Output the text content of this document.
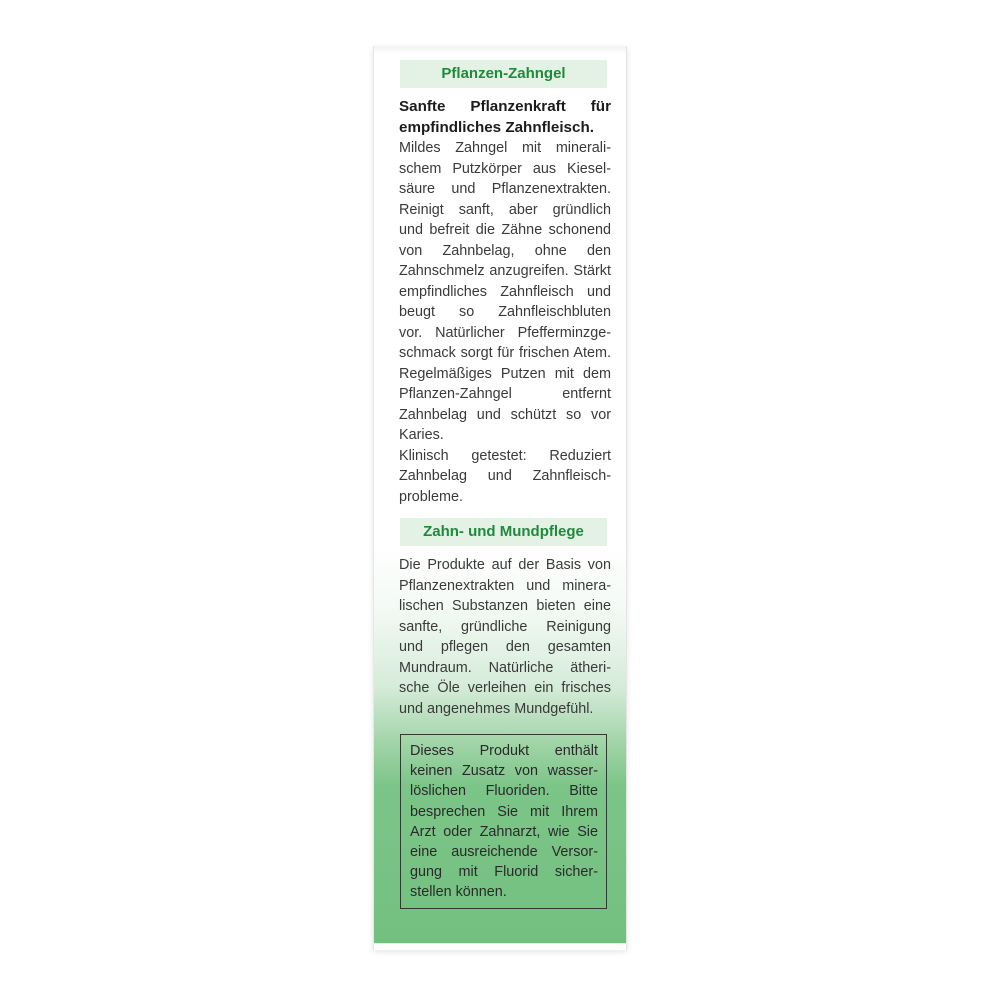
Pflanzen-Zahngel
Sanfte Pflanzenkraft für
empfindliches Zahnfleisch.
Mildes Zahngel mit minerali-
schem Putzkörper aus Kiesel-
säure und Pflanzenextrakten.
Reinigt sanft, aber gründlich
und befreit die Zähne schonend
von Zahnbelag, ohne den
Zahnschmelz anzugreifen. Stärkt
empfindliches Zahnfleisch und
beugt so Zahnfleischbluten
vor. Natürlicher Pfefferminzge-
schmack sorgt für frischen Atem.
Regelmäßiges Putzen mit dem
Pflanzen-Zahngel entfernt
Zahnbelag und schützt so vor
Karies.
Klinisch getestet: Reduziert
Zahnbelag und Zahnfleisch-
probleme.
Zahn- und Mundpflege
Die Produkte auf der Basis von
Pflanzenextrakten und minera-
lischen Substanzen bieten eine
sanfte, gründliche Reinigung
und pflegen den gesamten
Mundraum. Natürliche ätheri-
sche Öle verleihen ein frisches
und angenehmes Mundgefühl.
Dieses Produkt enthält
keinen Zusatz von wasser-
löslichen Fluoriden. Bitte
besprechen Sie mit Ihrem
Arzt oder Zahnarzt, wie Sie
eine ausreichende Versor-
gung mit Fluorid sicher-
stellen können.
